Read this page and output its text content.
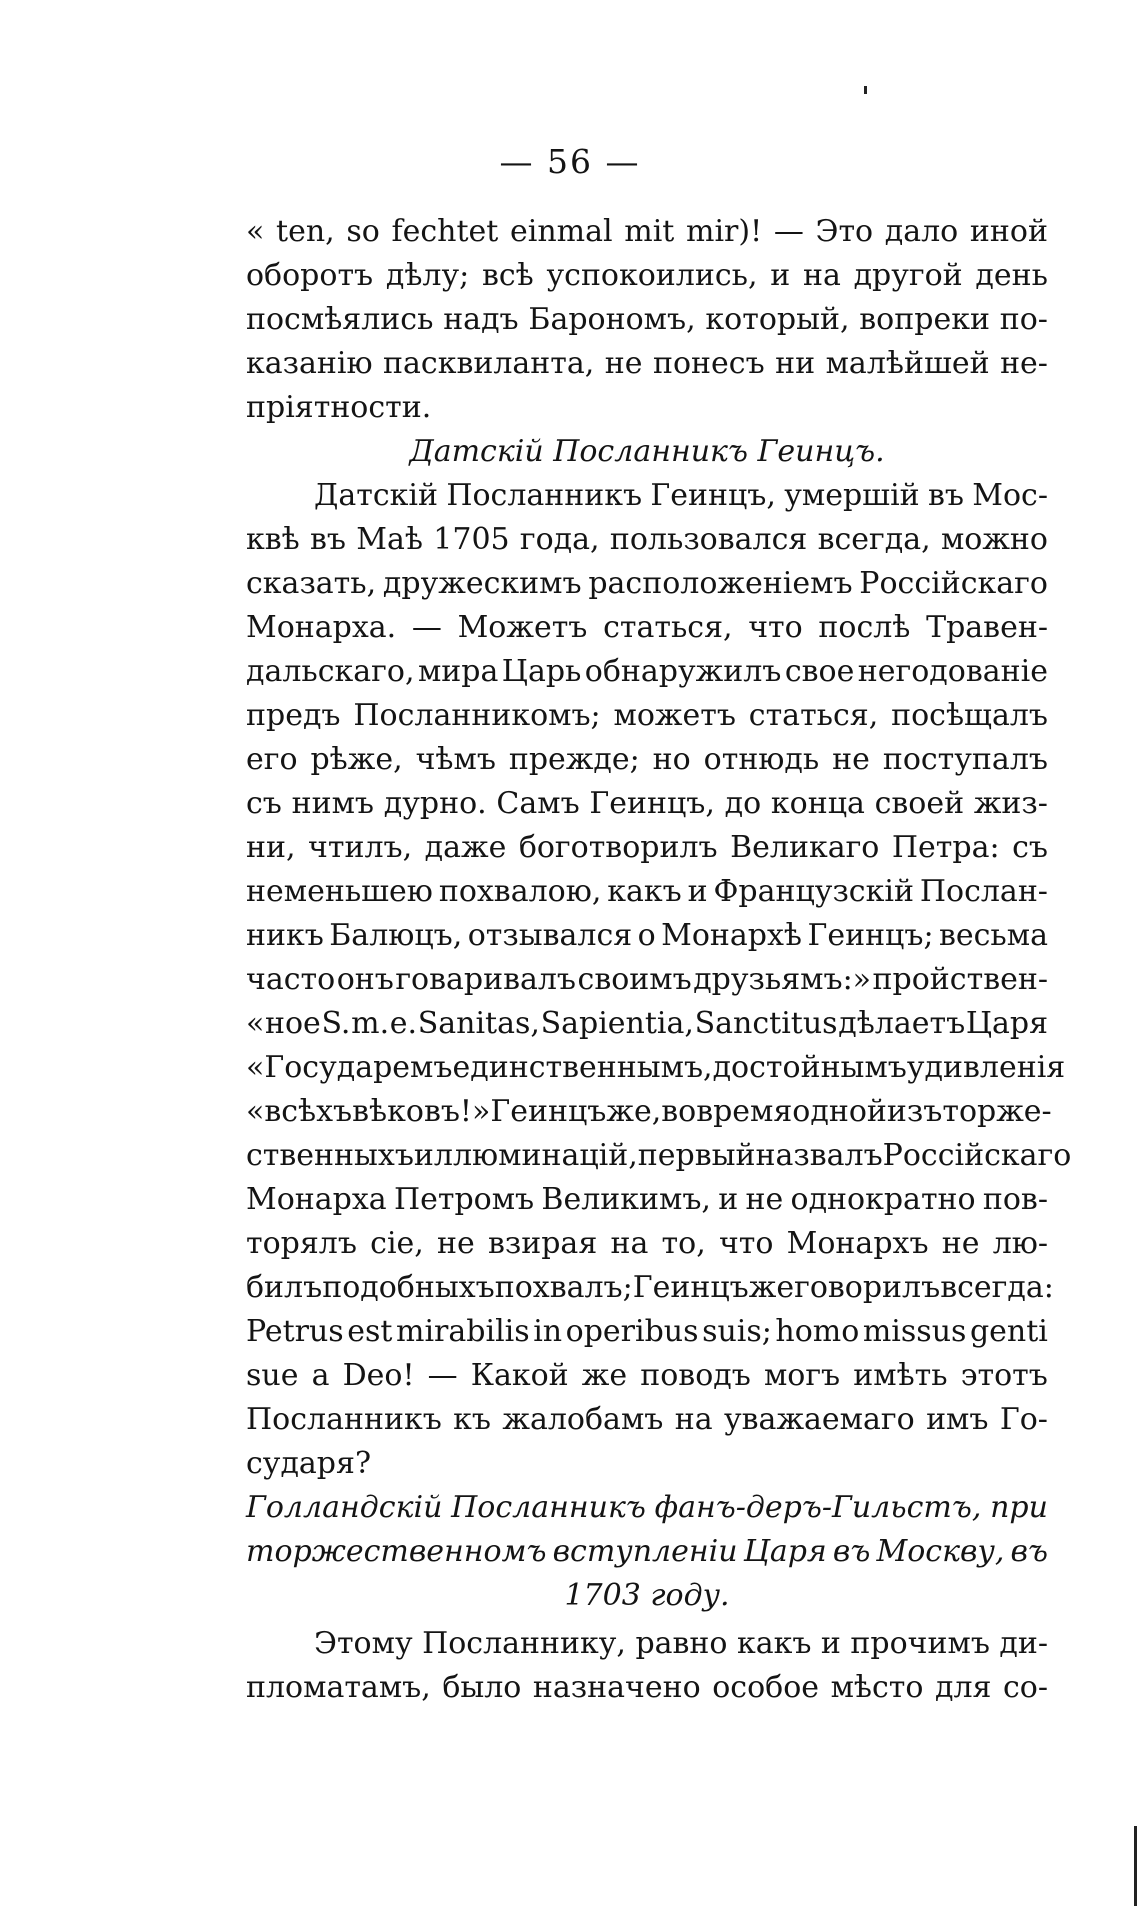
— 56 —
« ten, so fechtet einmal mit mir)! — Это дало иной
оборотъ дѣлу; всѣ успокоились, и на другой день
посмѣялись надъ Барономъ, который, вопреки по-
казанію пасквиланта, не понесъ ни малѣйшей не-
пріятности.
Датскій Посланникъ Геинцъ.
Датскій Посланникъ Геинцъ, умершій въ Мос-
квѣ въ Маѣ 1705 года, пользовался всегда, можно
сказать, дружескимъ расположеніемъ Россійскаго
Монарха. — Можетъ статься, что послѣ Травен-
дальскаго, мира Царь обнаружилъ свое негодованіе
предъ Посланникомъ; можетъ статься, посѣщалъ
его рѣже, чѣмъ прежде; но отнюдь не поступалъ
съ нимъ дурно. Самъ Геинцъ, до конца своей жиз-
ни, чтилъ, даже боготворилъ Великаго Петра: съ
неменьшею похвалою, какъ и Французскій Послан-
никъ Балюцъ, отзывался о Монархѣ Геинцъ; весьма
часто онъ говаривалъ своимъ друзьямъ:» пройствен-
« ное S. m. e. Sanitas, Sapientia, Sanctitus дѣлаетъ Царя
« Государемъ единственнымъ, достойнымъ удивленія
«всѣхъ вѣковъ!» Геинцъ же, во время одной изъ торже-
ственныхъ иллюминацій, первый назвалъ Россійскаго
Монарха Петромъ Великимъ, и не однократно пов-
торялъ сіе, не взирая на то, что Монархъ не лю-
билъ подобныхъ похвалъ; Геинцъ же говорилъ всегда:
Petrus est mirabilis in operibus suis; homo missus genti
sue a Deo! — Какой же поводъ могъ имѣть этотъ
Посланникъ къ жалобамъ на уважаемаго имъ Го-
сударя?
Голландскій Посланникъ фанъ-деръ-Гильстъ, при
торжественномъ вступленіи Царя въ Москву, въ
1703 году.
Этому Посланнику, равно какъ и прочимъ ди-
пломатамъ, было назначено особое мѣсто для со-
